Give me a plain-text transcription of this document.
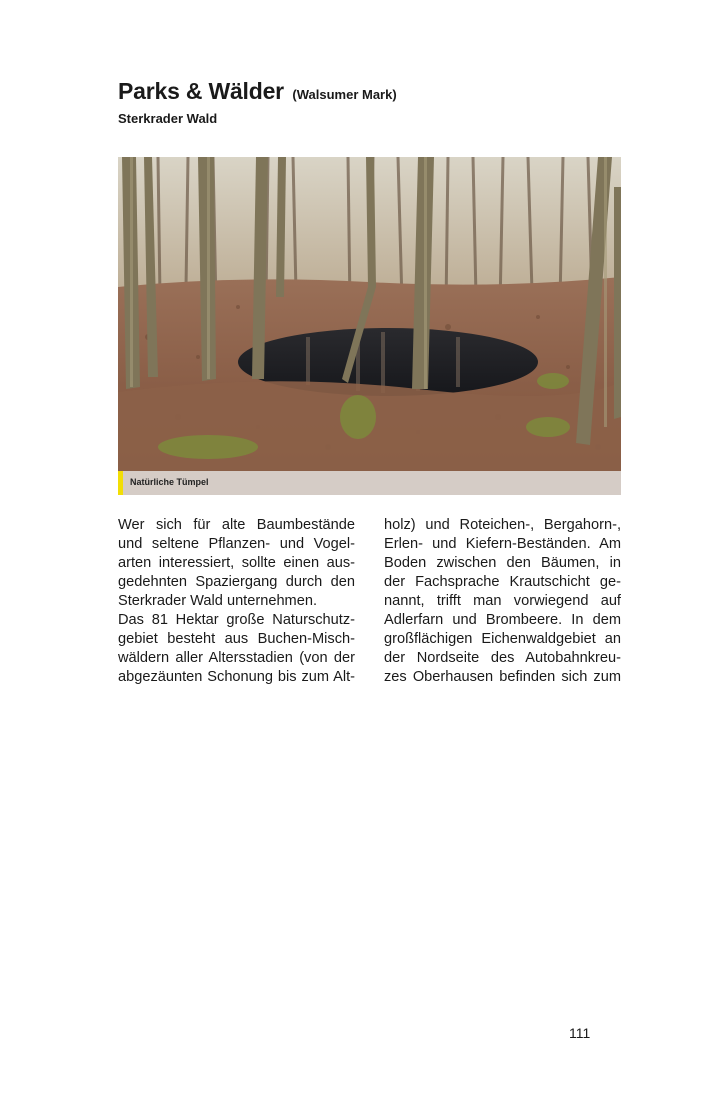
Parks & Wälder (Walsumer Mark)
Sterkrader Wald
Natürliche Tümpel
Wer sich für alte Baumbestände
und seltene Pflanzen- und Vogel-
arten interessiert, sollte einen aus-
gedehnten Spaziergang durch den
Sterkrader Wald unternehmen.
Das 81 Hektar große Naturschutz-
gebiet besteht aus Buchen-Misch-
wäldern aller Altersstadien (von der
abgezäunten Schonung bis zum Alt-
holz) und Roteichen-, Bergahorn-,
Erlen- und Kiefern-Beständen. Am
Boden zwischen den Bäumen, in
der Fachsprache Krautschicht ge-
nannt, trifft man vorwiegend auf
Adlerfarn und Brombeere. In dem
großflächigen Eichenwaldgebiet an
der Nordseite des Autobahnkreu-
zes Oberhausen befinden sich zum
111
